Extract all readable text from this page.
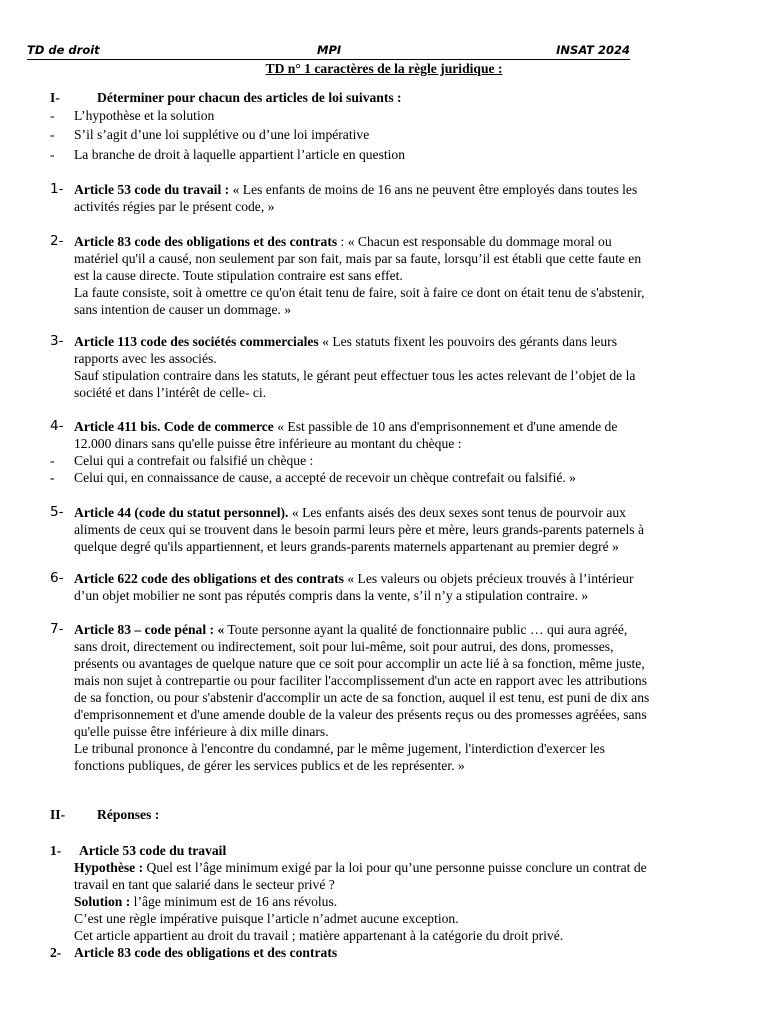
TD de droit	MPI	INSAT 2024
TD n° 1 caractères de la règle juridique :
I-	Déterminer pour chacun des articles de loi suivants :
- L’hypothèse et la solution
- S’il s’agit d’une loi supplétive ou d’une loi impérative
- La branche de droit à laquelle appartient l’article en question
1- Article 53 code du travail : « Les enfants de moins de 16 ans ne peuvent être employés dans toutes les
activités régies par le présent code, »
2- Article 83 code des obligations et des contrats : « Chacun est responsable du dommage moral ou
matériel qu'il a causé, non seulement par son fait, mais par sa faute, lorsqu’il est établi que cette faute en
est la cause directe. Toute stipulation contraire est sans effet.
La faute consiste, soit à omettre ce qu'on était tenu de faire, soit à faire ce dont on était tenu de s'abstenir,
sans intention de causer un dommage. »
3- Article 113 code des sociétés commerciales « Les statuts fixent les pouvoirs des gérants dans leurs
rapports avec les associés.
Sauf stipulation contraire dans les statuts, le gérant peut effectuer tous les actes relevant de l’objet de la
société et dans l’intérêt de celle- ci.
4- Article 411 bis. Code de commerce « Est passible de 10 ans d'emprisonnement et d'une amende de
12.000 dinars sans qu'elle puisse être inférieure au montant du chèque :
- Celui qui a contrefait ou falsifié un chèque :
- Celui qui, en connaissance de cause, a accepté de recevoir un chèque contrefait ou falsifié. »
5- Article 44 (code du statut personnel). « Les enfants aisés des deux sexes sont tenus de pourvoir aux
aliments de ceux qui se trouvent dans le besoin parmi leurs père et mère, leurs grands-parents paternels à
quelque degré qu'ils appartiennent, et leurs grands-parents maternels appartenant au premier degré »
6- Article 622 code des obligations et des contrats « Les valeurs ou objets précieux trouvés à l’intérieur
d’un objet mobilier ne sont pas réputés compris dans la vente, s’il n’y a stipulation contraire. »
7- Article 83 – code pénal : « Toute personne ayant la qualité de fonctionnaire public … qui aura agréé,
sans droit, directement ou indirectement, soit pour lui-même, soit pour autrui, des dons, promesses,
présents ou avantages de quelque nature que ce soit pour accomplir un acte lié à sa fonction, même juste,
mais non sujet à contrepartie ou pour faciliter l'accomplissement d'un acte en rapport avec les attributions
de sa fonction, ou pour s'abstenir d'accomplir un acte de sa fonction, auquel il est tenu, est puni de dix ans
d'emprisonnement et d'une amende double de la valeur des présents reçus ou des promesses agréées, sans
qu'elle puisse être inférieure à dix mille dinars.
Le tribunal prononce à l'encontre du condamné, par le même jugement, l'interdiction d'exercer les
fonctions publiques, de gérer les services publics et de les représenter. »
II- Réponses :
1- Article 53 code du travail
Hypothèse : Quel est l’âge minimum exigé par la loi pour qu’une personne puisse conclure un contrat de
travail en tant que salarié dans le secteur privé ?
Solution : l’âge minimum est de 16 ans révolus.
C’est une règle impérative puisque l’article n’admet aucune exception.
Cet article appartient au droit du travail ; matière appartenant à la catégorie du droit privé.
2- Article 83 code des obligations et des contrats
